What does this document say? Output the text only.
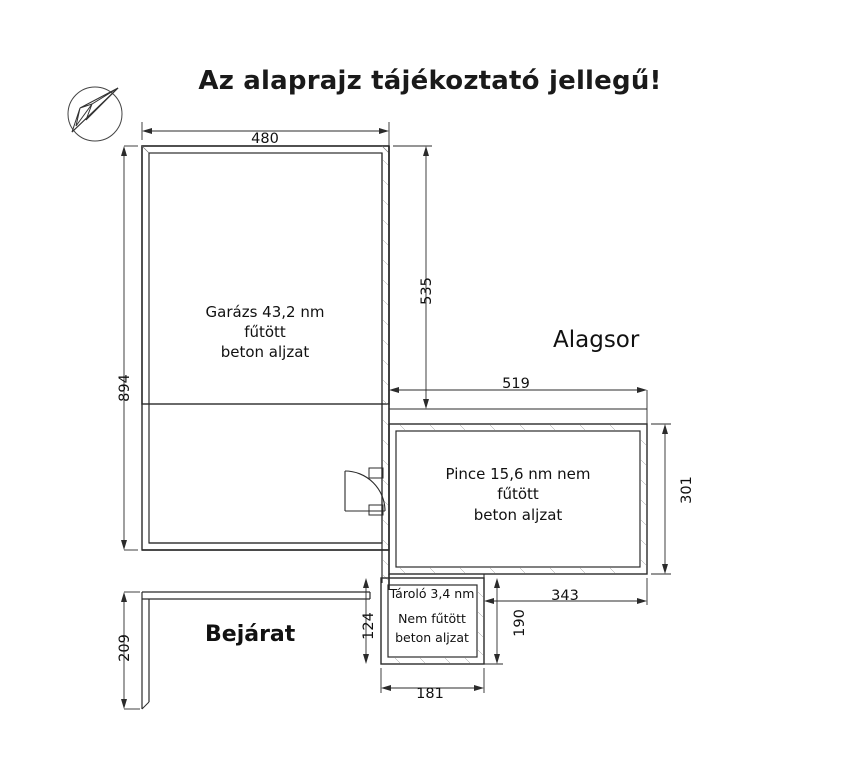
Az alaprajz tájékoztató jellegű!
480
894
535
519
301
124	190
343
181
209
Alagsor
Bejárat
Garázs 43,2 nm
fűtött
beton aljzat
Pince 15,6 nm nem
fűtött
beton aljzat
Tároló 3,4 nm
Nem fűtött
beton aljzat
